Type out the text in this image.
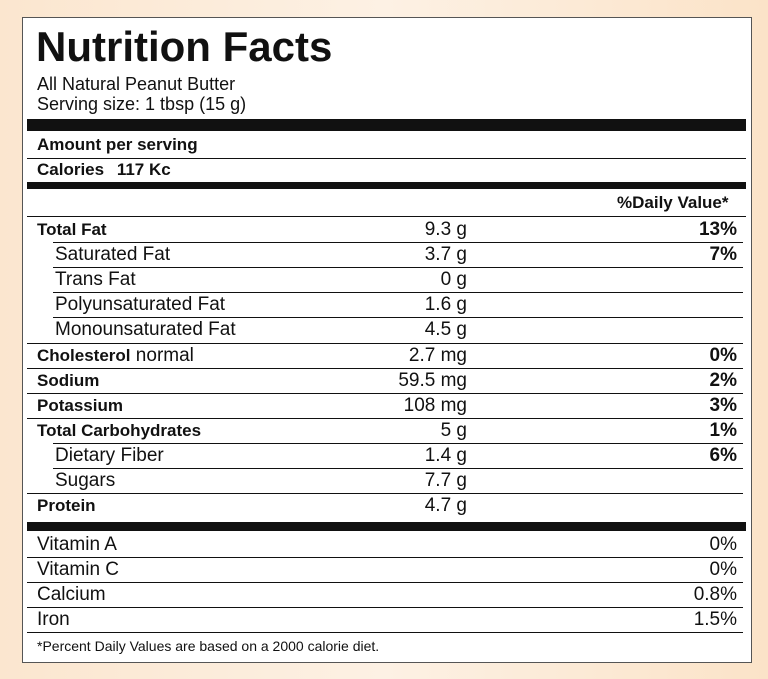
Nutrition Facts
All Natural Peanut Butter
Serving size: 1 tbsp (15 g)
Amount per serving
Calories 117 Kc
%Daily Value*
Total Fat	9.3 g	13%
Saturated Fat	3.7 g	7%
Trans Fat	0 g
Polyunsaturated Fat	1.6 g
Monounsaturated Fat	4.5 g
Cholesterol normal	2.7 mg	0%
Sodium	59.5 mg	2%
Potassium	108 mg	3%
Total Carbohydrates	5 g	1%
Dietary Fiber	1.4 g	6%
Sugars	7.7 g
Protein	4.7 g
Vitamin A	0%
Vitamin C	0%
Calcium	0.8%
Iron	1.5%
*Percent Daily Values are based on a 2000 calorie diet.
